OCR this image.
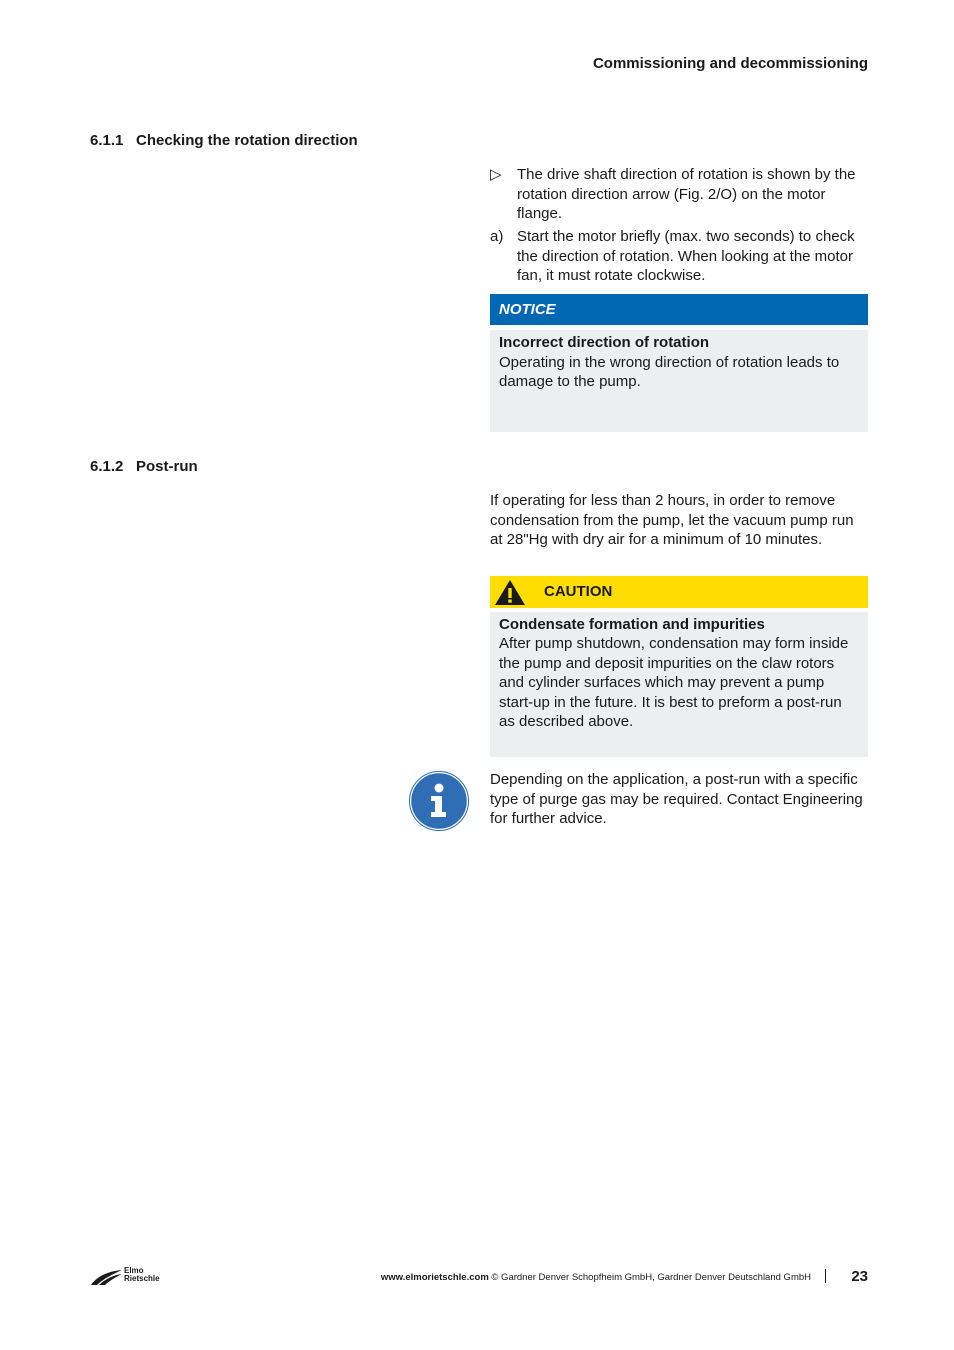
Commissioning and decommissioning
6.1.1 Checking the rotation direction
▷	The drive shaft direction of rotation is shown by the rotation direction arrow (Fig. 2/O) on the motor flange.
a) Start the motor briefly (max. two seconds) to check the direction of rotation. When looking at the motor fan, it must rotate clockwise.
NOTICE
Incorrect direction of rotation
Operating in the wrong direction of rotation leads to damage to the pump.
6.1.2 Post-run
If operating for less than 2 hours, in order to remove condensation from the pump, let the vacuum pump run at 28"Hg with dry air for a minimum of 10 minutes.
CAUTION
Condensate formation and impurities
After pump shutdown, condensation may form inside the pump and deposit impurities on the claw rotors and cylinder surfaces which may prevent a pump start-up in the future. It is best to preform a post-run as described above.
Depending on the application, a post-run with a specific type of purge gas may be required. Contact Engineering for further advice.
Elmo
Rietschle	www.elmorietschle.com © Gardner Denver Schopfheim GmbH, Gardner Denver Deutschland GmbH	23
